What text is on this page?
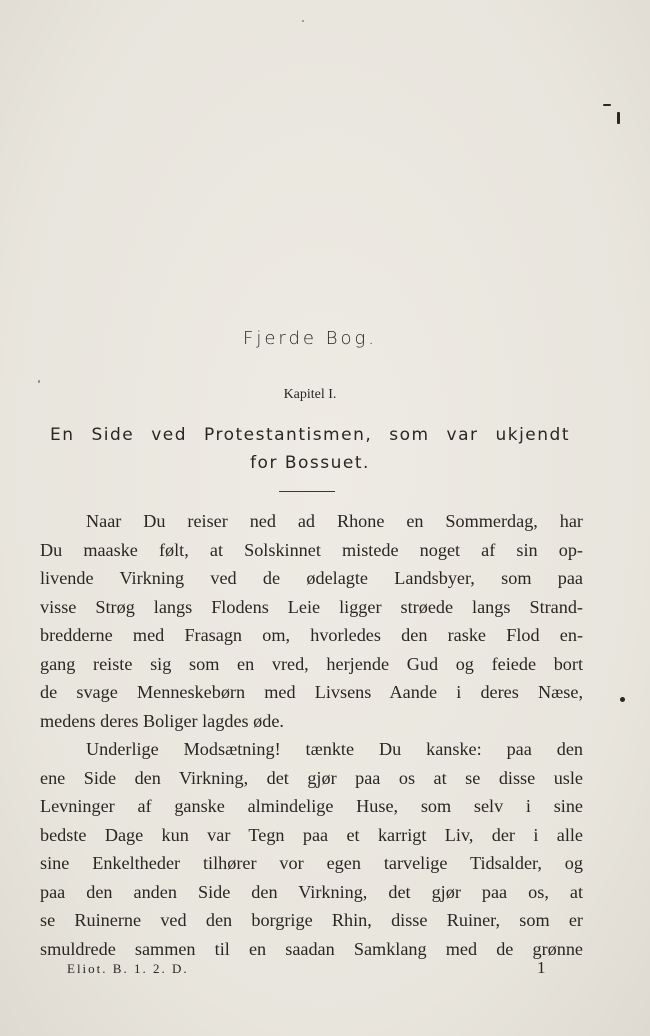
Fjerde Bog.
Kapitel I.
En Side ved Protestantismen, som var ukjendt
for Bossuet.
Naar Du reiser ned ad Rhone en Sommerdag, har
Du maaske følt, at Solskinnet mistede noget af sin op-
livende Virkning ved de ødelagte Landsbyer, som paa
visse Strøg langs Flodens Leie ligger strøede langs Strand-
bredderne med Frasagn om, hvorledes den raske Flod en-
gang reiste sig som en vred, herjende Gud og feiede bort
de svage Menneskebørn med Livsens Aande i deres Næse,
medens deres Boliger lagdes øde.
Underlige Modsætning! tænkte Du kanske: paa den
ene Side den Virkning, det gjør paa os at se disse usle
Levninger af ganske almindelige Huse, som selv i sine
bedste Dage kun var Tegn paa et karrigt Liv, der i alle
sine Enkeltheder tilhører vor egen tarvelige Tidsalder, og
paa den anden Side den Virkning, det gjør paa os, at
se Ruinerne ved den borgrige Rhin, disse Ruiner, som er
smuldrede sammen til en saadan Samklang med de grønne
Eliot. B. 1. 2. D.	1
